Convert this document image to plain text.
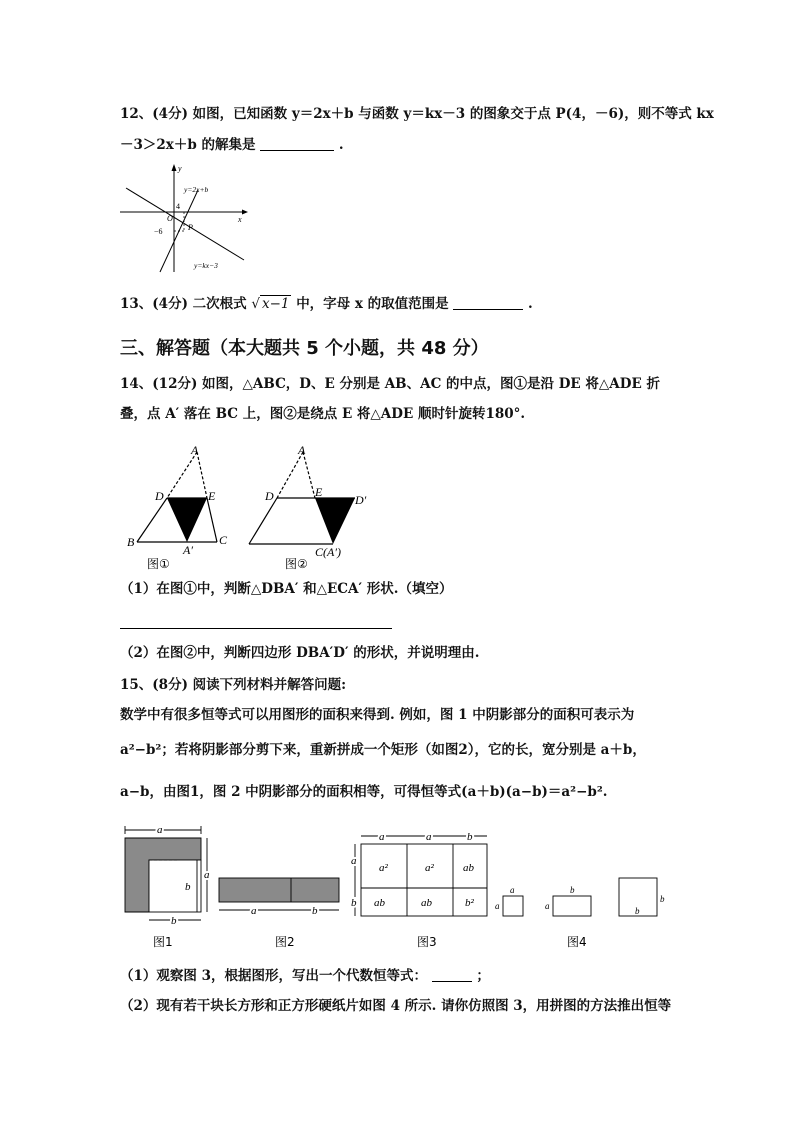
12、(4分) 如图，已知函数 y＝2x＋b 与函数 y＝kx－3 的图象交于点 P(4，－6)，则不等式 kx
－3＞2x＋b 的解集是	.
y
x
O
4
−6	P
y=2x+b
y=kx−3
13、(4分) 二次根式 √ x−1 中，字母 x 的取值范围是	.
三、解答题（本大题共 5 个小题，共 48 分）
14、(12分) 如图，△ABC，D、E 分别是 AB、AC 的中点，图①是沿 DE 将△ADE 折
叠，点 A′ 落在 BC 上，图②是绕点 E 将△ADE 顺时针旋转180°.
A
D	E
B	C
A′
图①
A
D	E
D′
C(A′)
图②
（1）在图①中，判断△DBA′ 和△ECA′ 形状.（填空）
（2）在图②中，判断四边形 DBA′D′ 的形状，并说明理由.
15、(8分) 阅读下列材料并解答问题:
数学中有很多恒等式可以用图形的面积来得到. 例如，图 1 中阴影部分的面积可表示为
a²−b²；若将阴影部分剪下来，重新拼成一个矩形（如图2），它的长，宽分别是 a＋b，
a−b，由图1，图 2 中阴影部分的面积相等，可得恒等式(a＋b)(a−b)＝a²−b².
a
a
b
b
图1
a	b
图2
a	a	b
a
b
a²	a²	ab
ab	ab	b²
图3
a
a
b
a
b
b
图4
（1）观察图 3，根据图形，写出一个代数恒等式：	；
（2）现有若干块长方形和正方形硬纸片如图 4 所示. 请你仿照图 3，用拼图的方法推出恒等
